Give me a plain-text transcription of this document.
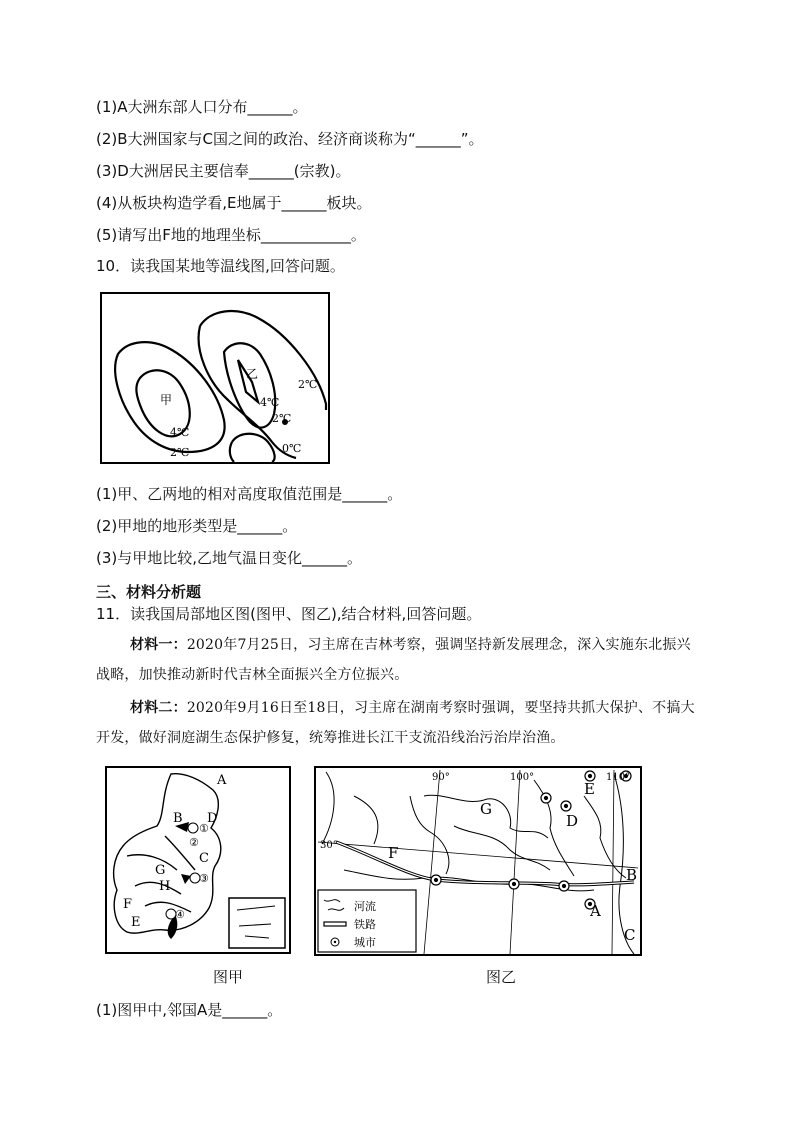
(1)A大洲东部人口分布______。
(2)B大洲国家与C国之间的政治、经济商谈称为“______”。
(3)D大洲居民主要信奉______(宗教)。
(4)从板块构造学看,E地属于______板块。
(5)请写出F地的地理坐标____________。
10．读我国某地等温线图,回答问题。
甲
乙
4℃
2℃
4℃
2℃
2℃
0℃
(1)甲、乙两地的相对高度取值范围是______。
(2)甲地的地形类型是______。
(3)与甲地比较,乙地气温日变化______。
三、材料分析题
11．读我国局部地区图(图甲、图乙),结合材料,回答问题。
材料一：2020年7月25日，习主席在吉林考察，强调坚持新发展理念，深入实施东北振兴战略，加快推动新时代吉林全面振兴全方位振兴。
材料二：2020年9月16日至18日，习主席在湖南考察时强调，要坚持共抓大保护、不搞大开发，做好洞庭湖生态保护修复，统筹推进长江干支流沿线治污治岸治渔。
A
B D
C
G
H
F
E
①
②
③
④
图甲
河流
铁路
城市
90°	100°	110°
30°
G
E
D
F
B
A
C
图乙
(1)图甲中,邻国A是______。
